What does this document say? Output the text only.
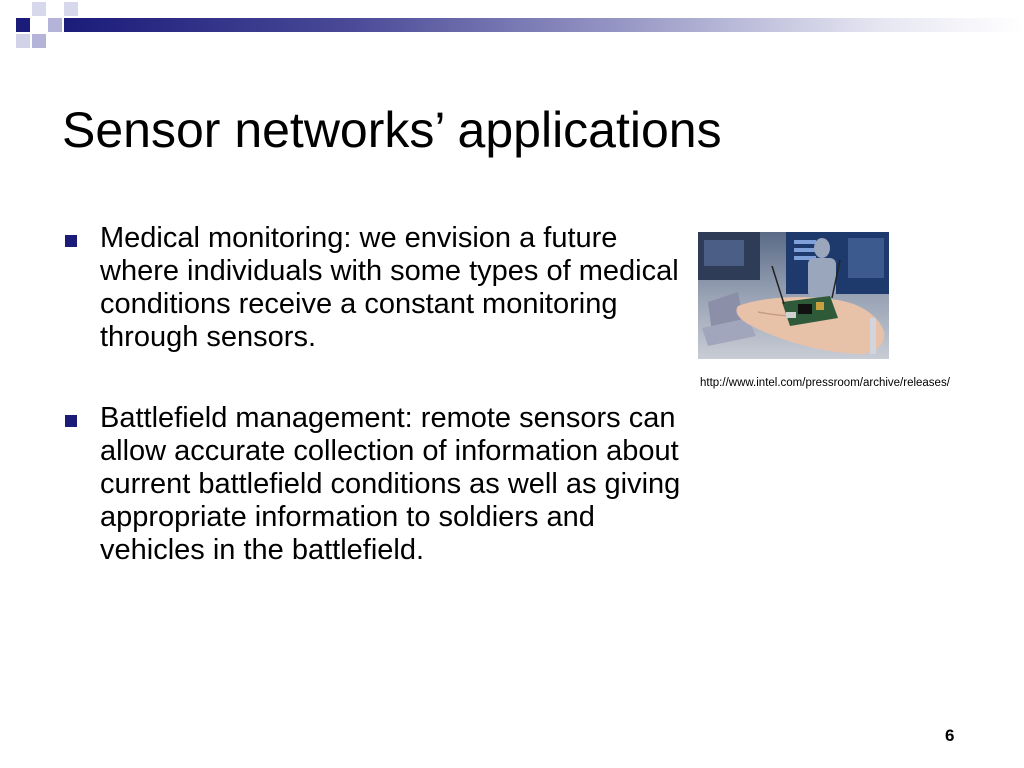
Sensor networks’ applications
Medical monitoring: we envision a future where individuals with some types of medical conditions receive a constant monitoring through sensors.
Battlefield management: remote sensors can allow accurate collection of information about current battlefield conditions as well as giving appropriate information to soldiers and vehicles in the battlefield.
http://www.intel.com/pressroom/archive/releases/
6
